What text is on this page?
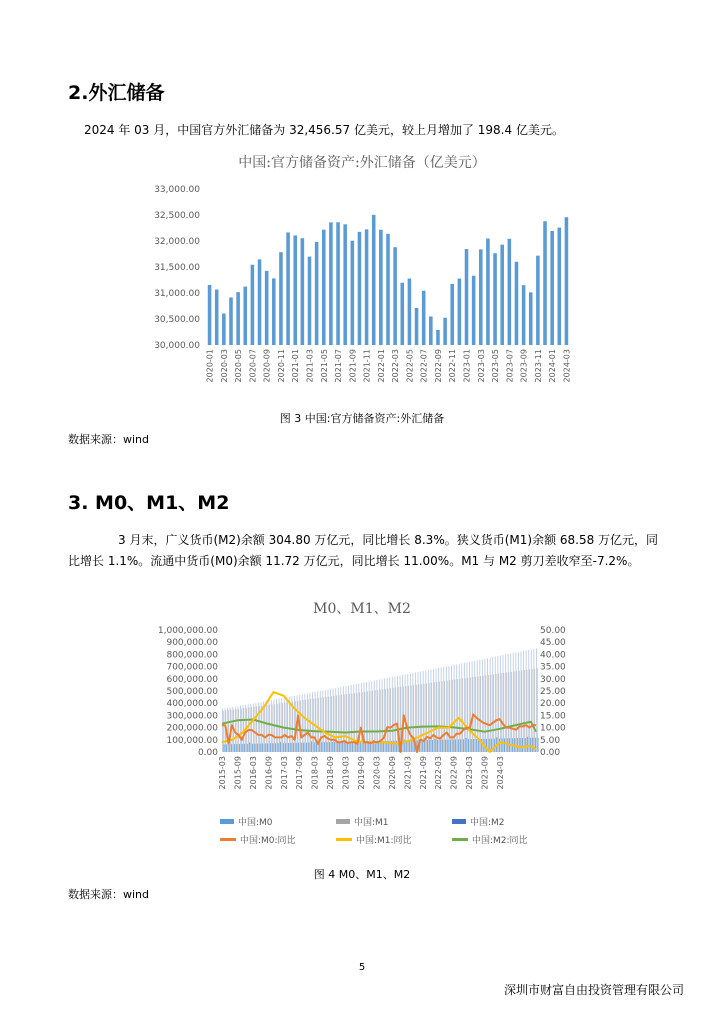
2.外汇储备
2024 年 03 月，中国官方外汇储备为 32,456.57 亿美元，较上月增加了 198.4 亿美元。
中国:官方储备资产:外汇储备（亿美元）
30,000.00
30,500.00
31,000.00
31,500.00
32,000.00
32,500.00
33,000.00
2020-01 2020-03 2020-05 2020-07 2020-09 2020-11 2021-01 2021-03 2021-05 2021-07 2021-09 2021-11 2022-01 2022-03 2022-05 2022-07 2022-09 2022-11 2023-01 2023-03 2023-05 2023-07 2023-09 2023-11 2024-01 2024-03
图 3 中国:官方储备资产:外汇储备
数据来源：wind
3. M0、M1、M2
3 月末，广义货币(M2)余额 304.80 万亿元，同比增长 8.3%。狭义货币(M1)余额 68.58 万亿元，同
比增长 1.1%。流通中货币(M0)余额 11.72 万亿元，同比增长 11.00%。M1 与 M2 剪刀差收窄至-7.2%。
M0、M1、M2
0.00
100,000.00
200,000.00
300,000.00
400,000.00
500,000.00
600,000.00
700,000.00
800,000.00
900,000.00
1,000,000.00
0.00
5.00
10.00
15.00
20.00
25.00
30.00
35.00
40.00
45.00
50.00
2015-03 2015-09 2016-03 2016-09 2017-03 2017-09 2018-03 2018-09 2019-03 2019-09 2020-03 2020-09 2021-03 2021-09 2022-03 2022-09 2023-03 2023-09 2024-03
中国:M0	中国:M1	中国:M2
中国:M0:同比	中国:M1:同比	中国:M2:同比
图 4 M0、M1、M2
数据来源：wind
5
深圳市财富自由投资管理有限公司
